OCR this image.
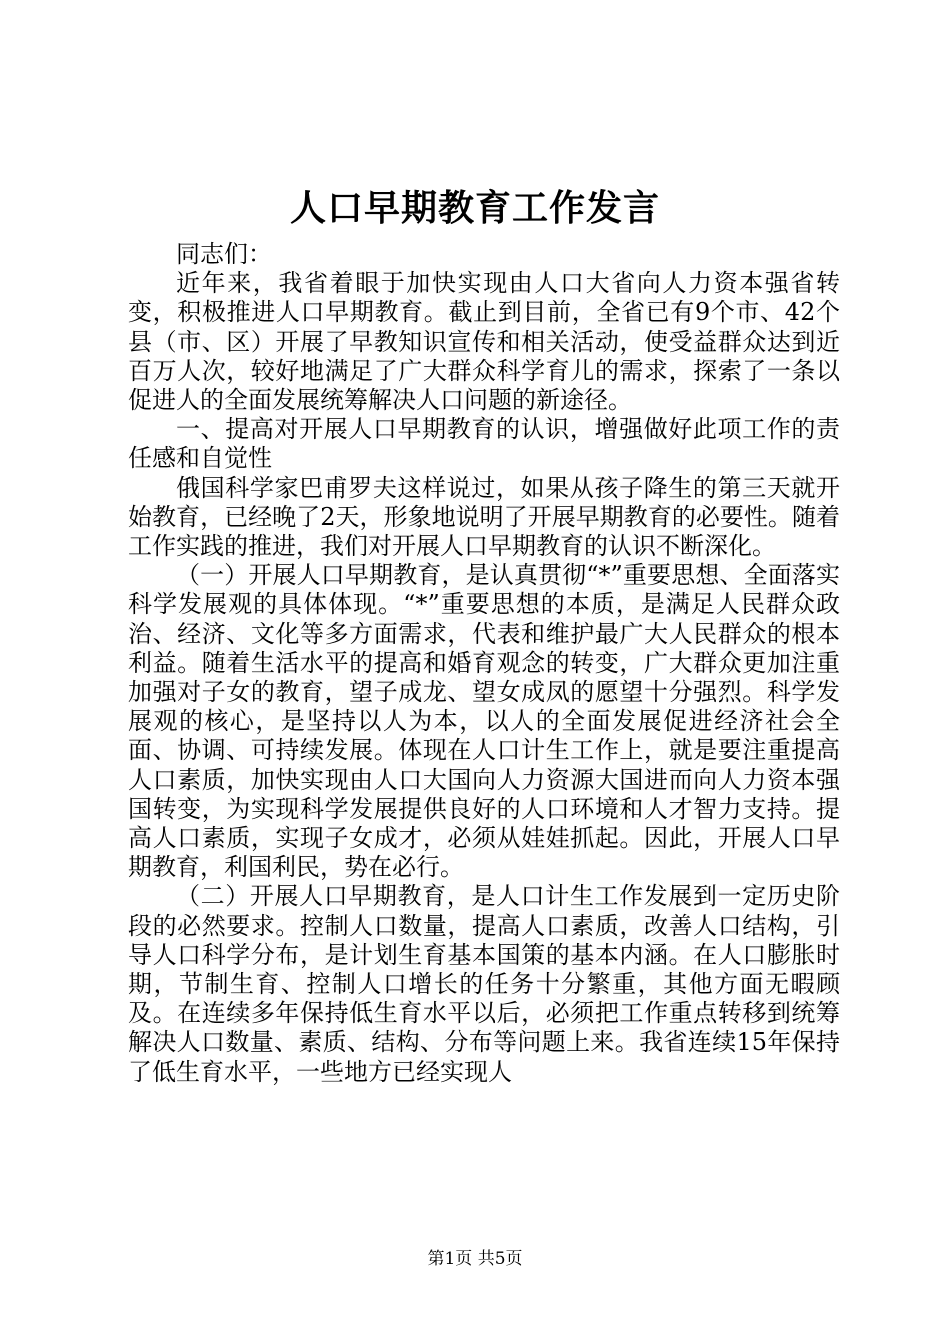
人口早期教育工作发言

同志们：

近年来，我省着眼于加快实现由人口大省向人力资本强省转变，积极推进人口早期教育。截止到目前，全省已有9个市、42个县（市、区）开展了早教知识宣传和相关活动，使受益群众达到近百万人次，较好地满足了广大群众科学育儿的需求，探索了一条以促进人的全面发展统筹解决人口问题的新途径。

一、提高对开展人口早期教育的认识，增强做好此项工作的责任感和自觉性

俄国科学家巴甫罗夫这样说过，如果从孩子降生的第三天就开始教育，已经晚了2天，形象地说明了开展早期教育的必要性。随着工作实践的推进，我们对开展人口早期教育的认识不断深化。

（一）开展人口早期教育，是认真贯彻“*”重要思想、全面落实科学发展观的具体体现。“*”重要思想的本质，是满足人民群众政治、经济、文化等多方面需求，代表和维护最广大人民群众的根本利益。随着生活水平的提高和婚育观念的转变，广大群众更加注重加强对子女的教育，望子成龙、望女成凤的愿望十分强烈。科学发展观的核心，是坚持以人为本，以人的全面发展促进经济社会全面、协调、可持续发展。体现在人口计生工作上，就是要注重提高人口素质，加快实现由人口大国向人力资源大国进而向人力资本强国转变，为实现科学发展提供良好的人口环境和人才智力支持。提高人口素质，实现子女成才，必须从娃娃抓起。因此，开展人口早期教育，利国利民，势在必行。

（二）开展人口早期教育，是人口计生工作发展到一定历史阶段的必然要求。控制人口数量，提高人口素质，改善人口结构，引导人口科学分布，是计划生育基本国策的基本内涵。在人口膨胀时期，节制生育、控制人口增长的任务十分繁重，其他方面无暇顾及。在连续多年保持低生育水平以后，必须把工作重点转移到统筹解决人口数量、素质、结构、分布等问题上来。我省连续15年保持了低生育水平，一些地方已经实现人

第1页 共5页
